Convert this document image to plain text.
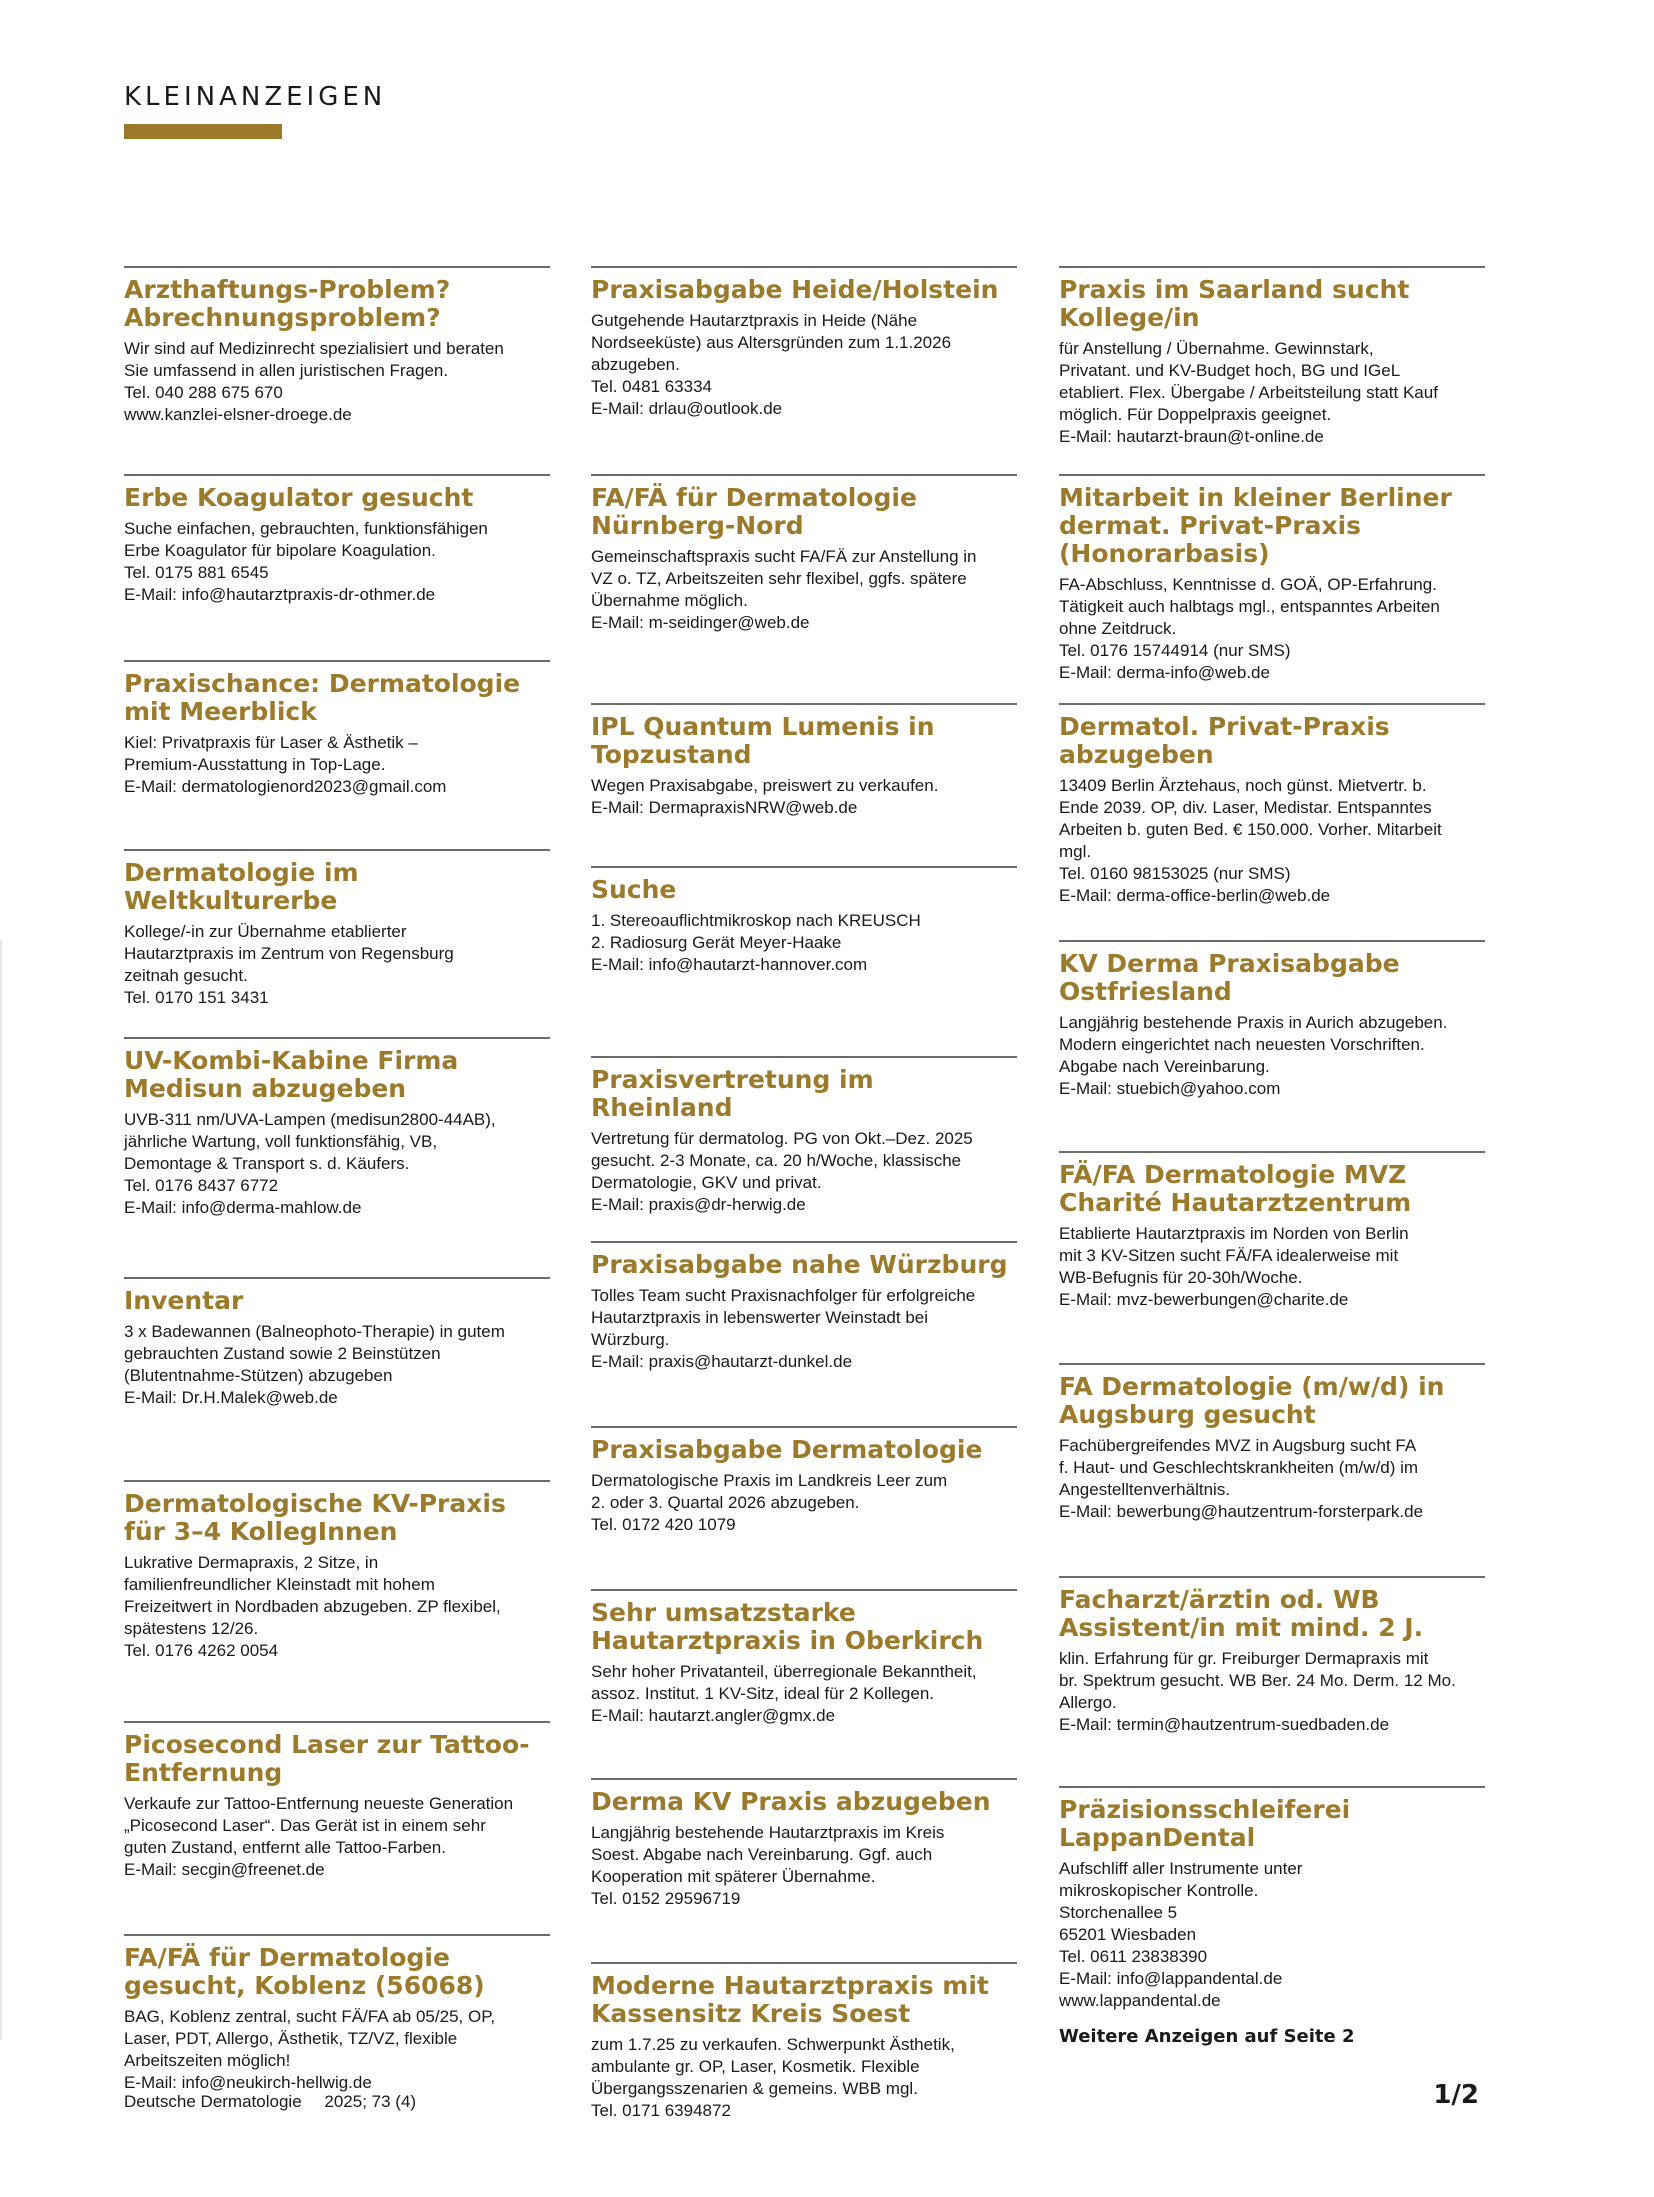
KLEINANZEIGEN
Arzthaftungs-Problem? Abrechnungsproblem?
Wir sind auf Medizinrecht spezialisiert und beraten
Sie umfassend in allen juristischen Fragen.
Tel. 040 288 675 670
www.kanzlei-elsner-droege.de
Erbe Koagulator gesucht
Suche einfachen, gebrauchten, funktionsfähigen
Erbe Koagulator für bipolare Koagulation.
Tel. 0175 881 6545
E-Mail: info@hautarztpraxis-dr-othmer.de
Praxischance: Dermatologie mit Meerblick
Kiel: Privatpraxis für Laser & Ästhetik –
Premium-Ausstattung in Top-Lage.
E-Mail: dermatologienord2023@gmail.com
Dermatologie im Weltkulturerbe
Kollege/-in zur Übernahme etablierter
Hautarztpraxis im Zentrum von Regensburg
zeitnah gesucht.
Tel. 0170 151 3431
UV-Kombi-Kabine Firma Medisun abzugeben
UVB-311 nm/UVA-Lampen (medisun2800-44AB),
jährliche Wartung, voll funktionsfähig, VB,
Demontage & Transport s. d. Käufers.
Tel. 0176 8437 6772
E-Mail: info@derma-mahlow.de
Inventar
3 x Badewannen (Balneophoto-Therapie) in gutem
gebrauchten Zustand sowie 2 Beinstützen
(Blutentnahme-Stützen) abzugeben
E-Mail: Dr.H.Malek@web.de
Dermatologische KV-Praxis für 3–4 KollegInnen
Lukrative Dermapraxis, 2 Sitze, in
familienfreundlicher Kleinstadt mit hohem
Freizeitwert in Nordbaden abzugeben. ZP flexibel,
spätestens 12/26.
Tel. 0176 4262 0054
Picosecond Laser zur Tattoo-Entfernung
Verkaufe zur Tattoo-Entfernung neueste Generation
„Picosecond Laser“. Das Gerät ist in einem sehr
guten Zustand, entfernt alle Tattoo-Farben.
E-Mail: secgin@freenet.de
FA/FÄ für Dermatologie gesucht, Koblenz (56068)
BAG, Koblenz zentral, sucht FÄ/FA ab 05/25, OP,
Laser, PDT, Allergo, Ästhetik, TZ/VZ, flexible
Arbeitszeiten möglich!
E-Mail: info@neukirch-hellwig.de
Praxisabgabe Heide/Holstein
Gutgehende Hautarztpraxis in Heide (Nähe
Nordseeküste) aus Altersgründen zum 1.1.2026
abzugeben.
Tel. 0481 63334
E-Mail: drlau@outlook.de
FA/FÄ für Dermatologie Nürnberg-Nord
Gemeinschaftspraxis sucht FA/FÄ zur Anstellung in
VZ o. TZ, Arbeitszeiten sehr flexibel, ggfs. spätere
Übernahme möglich.
E-Mail: m-seidinger@web.de
IPL Quantum Lumenis in Topzustand
Wegen Praxisabgabe, preiswert zu verkaufen.
E-Mail: DermapraxisNRW@web.de
Suche
1. Stereoauflichtmikroskop nach KREUSCH
2. Radiosurg Gerät Meyer-Haake
E-Mail: info@hautarzt-hannover.com
Praxisvertretung im Rheinland
Vertretung für dermatolog. PG von Okt.–Dez. 2025
gesucht. 2-3 Monate, ca. 20 h/Woche, klassische
Dermatologie, GKV und privat.
E-Mail: praxis@dr-herwig.de
Praxisabgabe nahe Würzburg
Tolles Team sucht Praxisnachfolger für erfolgreiche
Hautarztpraxis in lebenswerter Weinstadt bei
Würzburg.
E-Mail: praxis@hautarzt-dunkel.de
Praxisabgabe Dermatologie
Dermatologische Praxis im Landkreis Leer zum
2. oder 3. Quartal 2026 abzugeben.
Tel. 0172 420 1079
Sehr umsatzstarke Hautarztpraxis in Oberkirch
Sehr hoher Privatanteil, überregionale Bekanntheit,
assoz. Institut. 1 KV-Sitz, ideal für 2 Kollegen.
E-Mail: hautarzt.angler@gmx.de
Derma KV Praxis abzugeben
Langjährig bestehende Hautarztpraxis im Kreis
Soest. Abgabe nach Vereinbarung. Ggf. auch
Kooperation mit späterer Übernahme.
Tel. 0152 29596719
Moderne Hautarztpraxis mit Kassensitz Kreis Soest
zum 1.7.25 zu verkaufen. Schwerpunkt Ästhetik,
ambulante gr. OP, Laser, Kosmetik. Flexible
Übergangsszenarien & gemeins. WBB mgl.
Tel. 0171 6394872
Praxis im Saarland sucht Kollege/in
für Anstellung / Übernahme. Gewinnstark,
Privatant. und KV-Budget hoch, BG und IGeL
etabliert. Flex. Übergabe / Arbeitsteilung statt Kauf
möglich. Für Doppelpraxis geeignet.
E-Mail: hautarzt-braun@t-online.de
Mitarbeit in kleiner Berliner dermat. Privat-Praxis (Honorarbasis)
FA-Abschluss, Kenntnisse d. GOÄ, OP-Erfahrung.
Tätigkeit auch halbtags mgl., entspanntes Arbeiten
ohne Zeitdruck.
Tel. 0176 15744914 (nur SMS)
E-Mail: derma-info@web.de
Dermatol. Privat-Praxis abzugeben
13409 Berlin Ärztehaus, noch günst. Mietvertr. b.
Ende 2039. OP, div. Laser, Medistar. Entspanntes
Arbeiten b. guten Bed. € 150.000. Vorher. Mitarbeit
mgl.
Tel. 0160 98153025 (nur SMS)
E-Mail: derma-office-berlin@web.de
KV Derma Praxisabgabe Ostfriesland
Langjährig bestehende Praxis in Aurich abzugeben.
Modern eingerichtet nach neuesten Vorschriften.
Abgabe nach Vereinbarung.
E-Mail: stuebich@yahoo.com
FÄ/FA Dermatologie MVZ Charité Hautarztzentrum
Etablierte Hautarztpraxis im Norden von Berlin
mit 3 KV-Sitzen sucht FÄ/FA idealerweise mit
WB-Befugnis für 20-30h/Woche.
E-Mail: mvz-bewerbungen@charite.de
FA Dermatologie (m/w/d) in Augsburg gesucht
Fachübergreifendes MVZ in Augsburg sucht FA
f. Haut- und Geschlechtskrankheiten (m/w/d) im
Angestelltenverhältnis.
E-Mail: bewerbung@hautzentrum-forsterpark.de
Facharzt/ärztin od. WB Assistent/in mit mind. 2 J.
klin. Erfahrung für gr. Freiburger Dermapraxis mit
br. Spektrum gesucht. WB Ber. 24 Mo. Derm. 12 Mo.
Allergo.
E-Mail: termin@hautzentrum-suedbaden.de
Präzisionsschleiferei LappanDental
Aufschliff aller Instrumente unter
mikroskopischer Kontrolle.
Storchenallee 5
65201 Wiesbaden
Tel. 0611 23838390
E-Mail: info@lappandental.de
www.lappandental.de
Weitere Anzeigen auf Seite 2
Deutsche Dermatologie 2025; 73 (4)	1/2
